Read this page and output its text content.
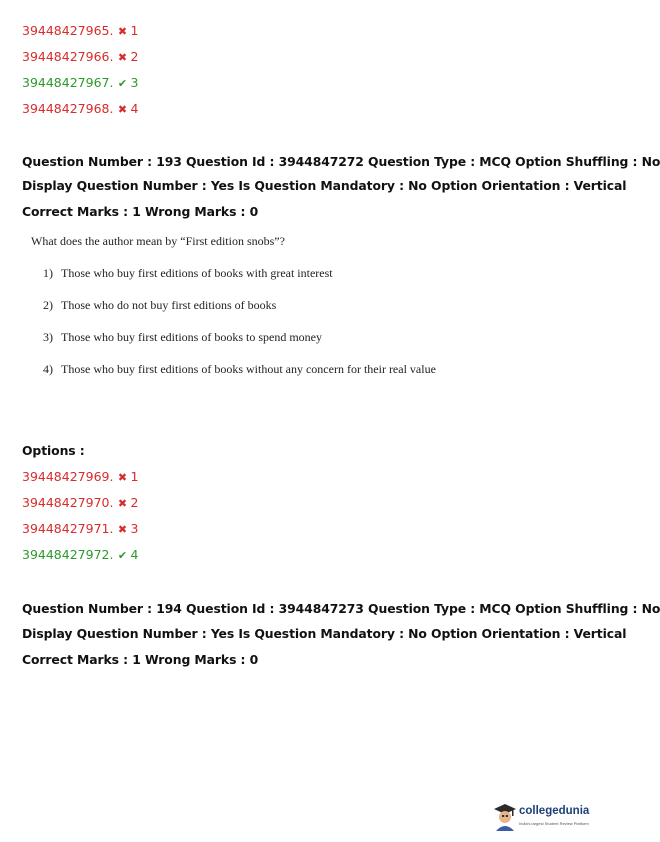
39448427965. ✖ 1
39448427966. ✖ 2
39448427967. ✔ 3
39448427968. ✖ 4
Question Number : 193 Question Id : 3944847272 Question Type : MCQ Option Shuffling : No
Display Question Number : Yes Is Question Mandatory : No Option Orientation : Vertical
Correct Marks : 1 Wrong Marks : 0
What does the author mean by “First edition snobs”?
1) Those who buy first editions of books with great interest
2) Those who do not buy first editions of books
3) Those who buy first editions of books to spend money
4) Those who buy first editions of books without any concern for their real value
Options :
39448427969. ✖ 1
39448427970. ✖ 2
39448427971. ✖ 3
39448427972. ✔ 4
Question Number : 194 Question Id : 3944847273 Question Type : MCQ Option Shuffling : No
Display Question Number : Yes Is Question Mandatory : No Option Orientation : Vertical
Correct Marks : 1 Wrong Marks : 0
collegedunia
India's largest Student Review Platform
